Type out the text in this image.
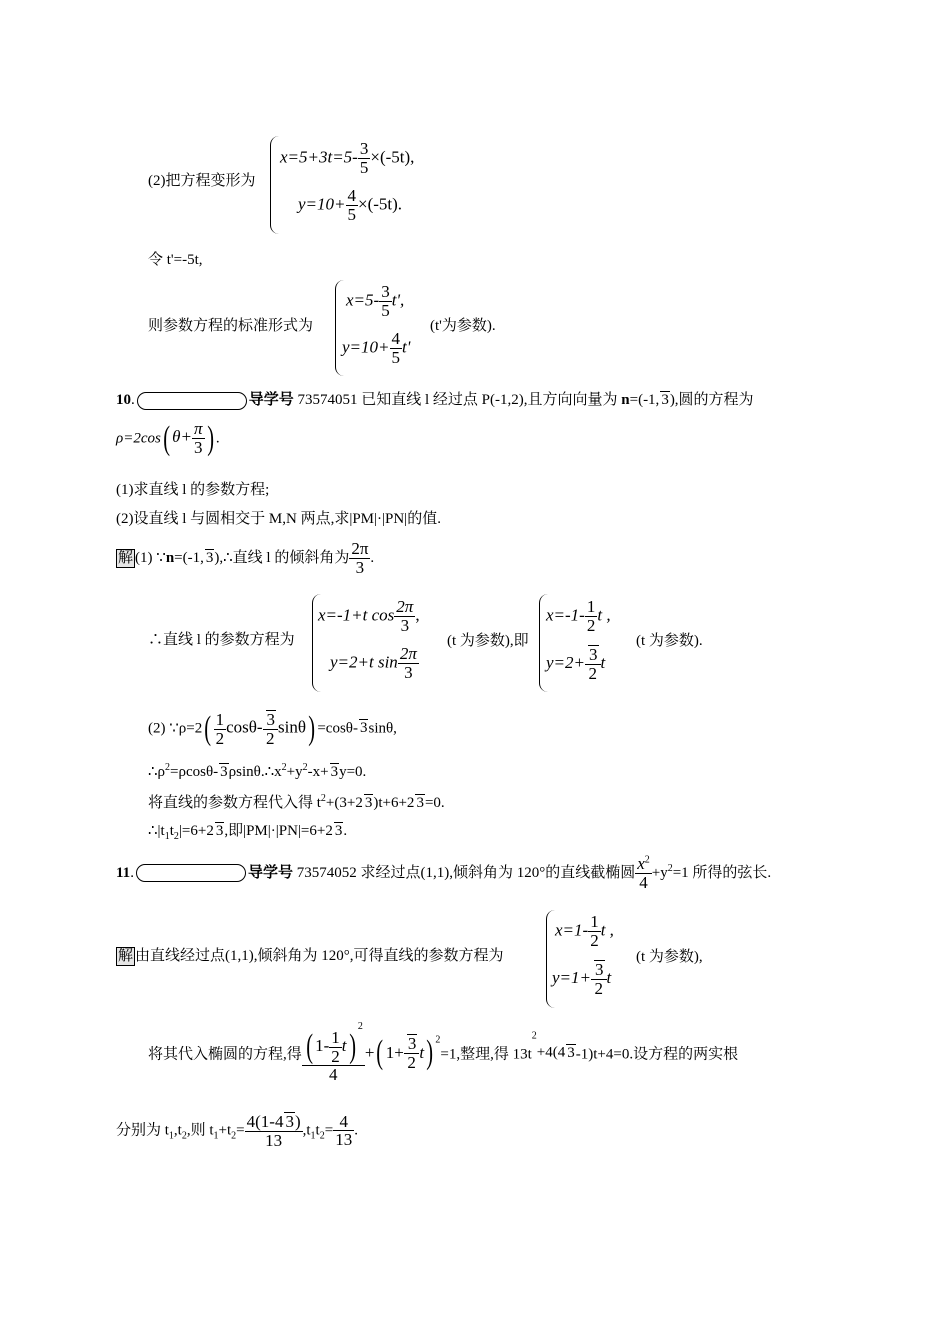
(2)把方程变形为
$x=5+3t=5- \frac{3}{5} \times(-5t)$,
$y=10+ \frac{4}{5} \times(-5t)$.
令 t'=-5t,
则参数方程的标准形式为
$x=5- \frac{3}{5} t'$,
(t'为参数).
$y=10+ \frac{4}{5} t'$
10.	导学号 73574051 已知直线 l 经过点 P(-1,2),且方向向量为 n=(-1, 3),圆的方程为
ρ=2cos( $\theta+ \frac{\pi}{3}$ ) .
(1)求直线 l 的参数方程;
(2)设直线 l 与圆相交于 M,N 两点,求|PM|·|PN|的值.
解 (1) ∵n=(-1, 3),∴直线 l 的倾斜角为 $\frac{2\pi}{3}$ .
∴直线 l 的参数方程为
x=-1+t $\cos \frac{2\pi}{3}$ ,
y=2+t $\sin \frac{2\pi}{3}$
(t 为参数),即
$x=-1- \frac{1}{2}$ t ,
$y=2+ \frac{3}{2}$ t
(t 为参数).
(2) ∵ρ=2( $\frac{1}{2} \cos\theta- \frac{3}{2} \sin\theta) =\cos\theta-$ 3sinθ,
$\therefore\rho^2=\rho\cos\theta-$ $3\rho\sin\theta.\therefore x^2+y^2-x+ 3y=0$.
将直线的参数方程代入得 $t^2+(3+2$ 3)t+6+2 3=0.
$\therefore|t_1t_2|=6+2$ 3,即|PM|·|PN|=6+2 3.
11.	导学号 73574052 求经过点(1,1),倾斜角为 120°的直线截椭圆 $\frac{x^2}{4} +y^2=1$ 所得的弦长.
解 由直线经过点(1,1),倾斜角为 120°,可得直线的参数方程为
$x=1- \frac{1}{2}$ t ,
$y=1+ \frac{3}{2}$ t
(t 为参数),
将其代入椭圆的方程,得 $\frac{( 1- \frac{1}{2} t)^2}{4}$ +( $1+ \frac{3}{2} t$) $^2$=1,整理,得 $13t^2+4(4$ 3-1)t+4=0.设方程的两实根
分别为 $t_1,t_2$,则 $t_1+t_2= \frac{4(1-4 3)}{13} ,t_1t_2= \frac{4}{13}$ .
